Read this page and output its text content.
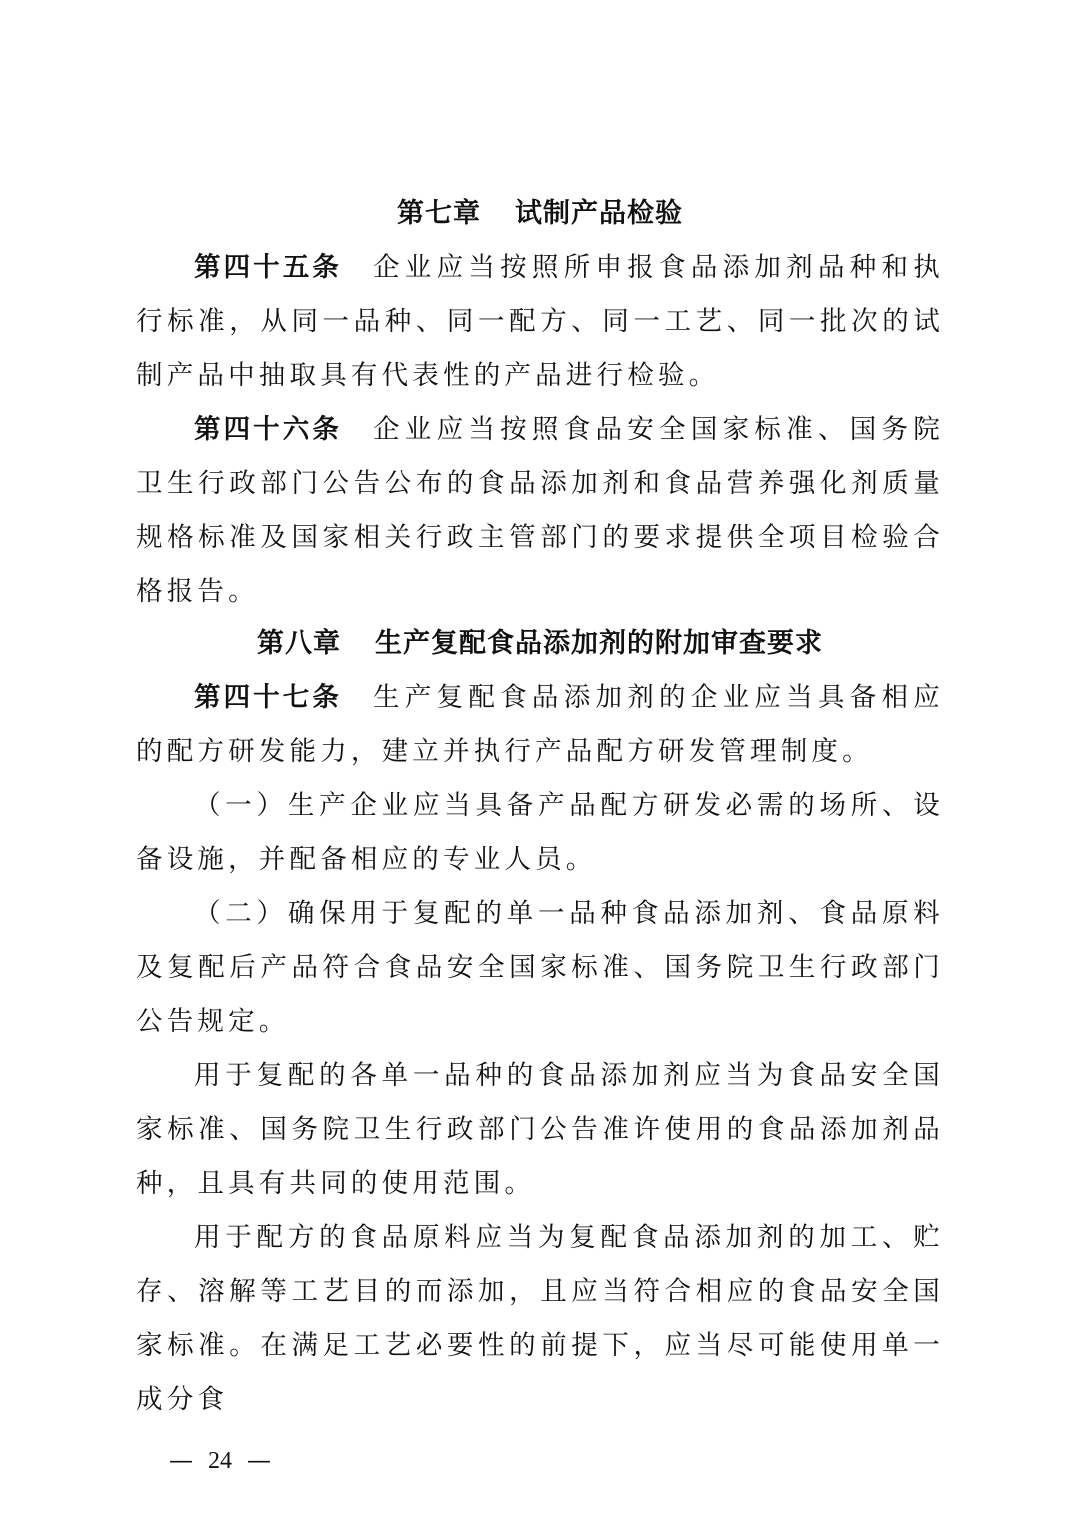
第七章 试制产品检验

第四十五条 企业应当按照所申报食品添加剂品种和执行标准，从同一品种、同一配方、同一工艺、同一批次的试制产品中抽取具有代表性的产品进行检验。

第四十六条 企业应当按照食品安全国家标准、国务院卫生行政部门公告公布的食品添加剂和食品营养强化剂质量规格标准及国家相关行政主管部门的要求提供全项目检验合格报告。

第八章 生产复配食品添加剂的附加审查要求

第四十七条 生产复配食品添加剂的企业应当具备相应的配方研发能力，建立并执行产品配方研发管理制度。

（一）生产企业应当具备产品配方研发必需的场所、设备设施，并配备相应的专业人员。

（二）确保用于复配的单一品种食品添加剂、食品原料及复配后产品符合食品安全国家标准、国务院卫生行政部门公告规定。

用于复配的各单一品种的食品添加剂应当为食品安全国家标准、国务院卫生行政部门公告准许使用的食品添加剂品种，且具有共同的使用范围。

用于配方的食品原料应当为复配食品添加剂的加工、贮存、溶解等工艺目的而添加，且应当符合相应的食品安全国家标准。在满足工艺必要性的前提下，应当尽可能使用单一成分食

— 24 —
